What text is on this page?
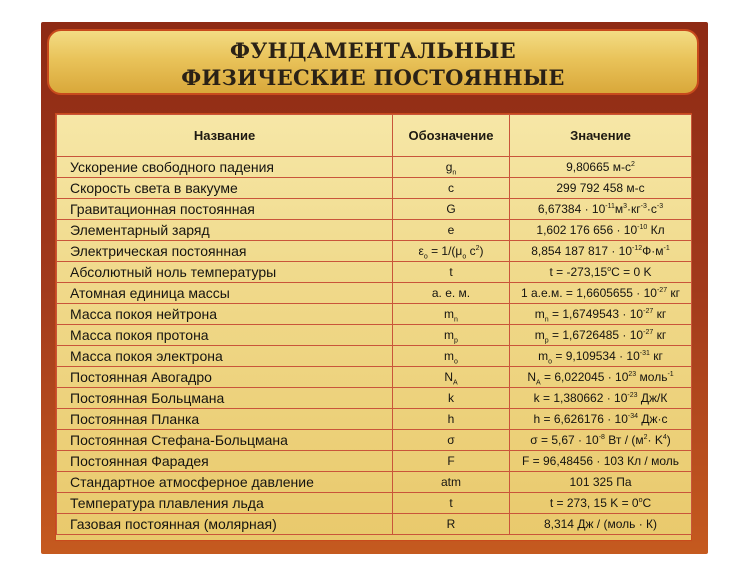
ФУНДАМЕНТАЛЬНЫЕ
ФИЗИЧЕСКИЕ ПОСТОЯННЫЕ
Название	Обозначение	Значение
Ускорение свободного падения	$g_n$	9,80665 $м-с^2$
Скорость света в вакууме	c	299 792 458 м-с
Гравитационная постоянная	G	$6,67384 \cdot 10^{-11}м^3\cdot кг^{-3}\cdot с^{-3}$
Элементарный заряд	e	1,602 176 $656 \cdot 10^{-10}$ Кл
Электрическая постоянная	$\varepsilon_o = 1/(\mu_o$ $c^2$)	8,854 187 $817 \cdot 10^{-12}Ф\cdot м^{-1}$
Абсолютный ноль температуры	t	$t = -273,15^oC = 0$ K
Атомная единица массы	а. е. м.	1 а.е.м. = $1,6605655 \cdot 10^{-27}$ кг
Масса покоя нейтрона	$m_n$	$m_n = 1,6749543 \cdot 10^{-27}$ кг
Масса покоя протона	$m_p$	$m_p = 1,6726485 \cdot 10^{-27}$ кг
Масса покоя электрона	$m_o$	$m_o = 9,109534 \cdot 10^{-31}$ кг
Постоянная Авогадро	$N_A$	$N_A = 6,022045 \cdot 10^{23}$ моль$^{-1}$
Постоянная Больцмана	k	$k = 1,380662 \cdot 10^{-23}$ Дж/К
Постоянная Планка	h	$h = 6,626176 \cdot 10^{-34}$ Дж·с
Постоянная Стефана-Больцмана	σ	$\sigma = 5,67 \cdot 10^{-8}$ Вт / $(м^2\cdot K^4)$
Постоянная Фарадея	F	F = 96,48456 · 103 Кл / моль
Стандартное атмосферное давление	atm	101 325 Па
Температура плавления льда	t	t = 273, 15 $K = 0^oC$
Газовая постоянная (молярная)	R	8,314 Дж / (моль · К)
